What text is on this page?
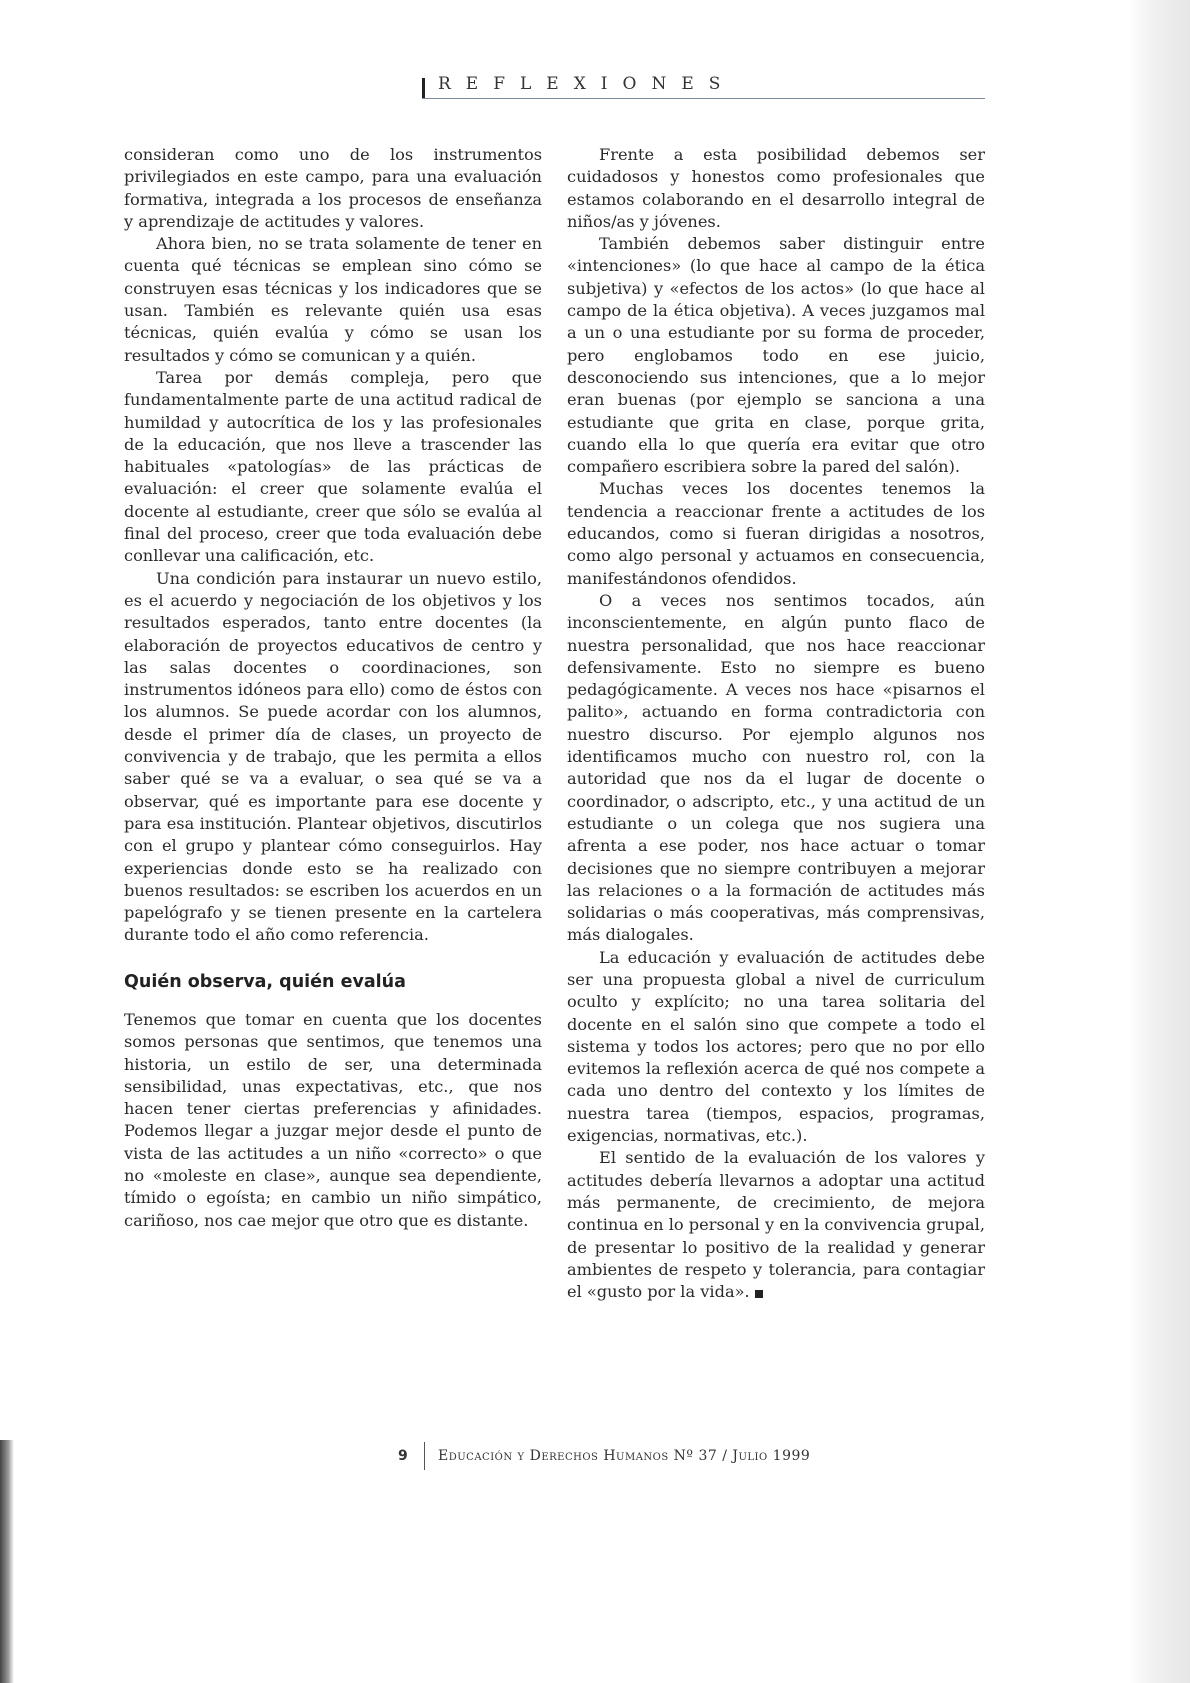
REFLEXIONES

consideran como uno de los instrumentos privilegiados en este campo, para una evaluación formativa, integrada a los procesos de enseñanza y aprendizaje de actitudes y valores.

Ahora bien, no se trata solamente de tener en cuenta qué técnicas se emplean sino cómo se construyen esas técnicas y los indicadores que se usan. También es relevante quién usa esas técnicas, quién evalúa y cómo se usan los resultados y cómo se comunican y a quién.

Tarea por demás compleja, pero que fundamentalmente parte de una actitud radical de humildad y autocrítica de los y las profesionales de la educación, que nos lleve a trascender las habituales «patologías» de las prácticas de evaluación: el creer que solamente evalúa el docente al estudiante, creer que sólo se evalúa al final del proceso, creer que toda evaluación debe conllevar una calificación, etc.

Una condición para instaurar un nuevo estilo, es el acuerdo y negociación de los objetivos y los resultados esperados, tanto entre docentes (la elaboración de proyectos educativos de centro y las salas docentes o coordinaciones, son instrumentos idóneos para ello) como de éstos con los alumnos. Se puede acordar con los alumnos, desde el primer día de clases, un proyecto de convivencia y de trabajo, que les permita a ellos saber qué se va a evaluar, o sea qué se va a observar, qué es importante para ese docente y para esa institución. Plantear objetivos, discutirlos con el grupo y plantear cómo conseguirlos. Hay experiencias donde esto se ha realizado con buenos resultados: se escriben los acuerdos en un papelógrafo y se tienen presente en la cartelera durante todo el año como referencia.

Quién observa, quién evalúa

Tenemos que tomar en cuenta que los docentes somos personas que sentimos, que tenemos una historia, un estilo de ser, una determinada sensibilidad, unas expectativas, etc., que nos hacen tener ciertas preferencias y afinidades. Podemos llegar a juzgar mejor desde el punto de vista de las actitudes a un niño «correcto» o que no «moleste en clase», aunque sea dependiente, tímido o egoísta; en cambio un niño simpático, cariñoso, nos cae mejor que otro que es distante.

Frente a esta posibilidad debemos ser cuidadosos y honestos como profesionales que estamos colaborando en el desarrollo integral de niños/as y jóvenes.

También debemos saber distinguir entre «intenciones» (lo que hace al campo de la ética subjetiva) y «efectos de los actos» (lo que hace al campo de la ética objetiva). A veces juzgamos mal a un o una estudiante por su forma de proceder, pero englobamos todo en ese juicio, desconociendo sus intenciones, que a lo mejor eran buenas (por ejemplo se sanciona a una estudiante que grita en clase, porque grita, cuando ella lo que quería era evitar que otro compañero escribiera sobre la pared del salón).

Muchas veces los docentes tenemos la tendencia a reaccionar frente a actitudes de los educandos, como si fueran dirigidas a nosotros, como algo personal y actuamos en consecuencia, manifestándonos ofendidos.

O a veces nos sentimos tocados, aún inconscientemente, en algún punto flaco de nuestra personalidad, que nos hace reaccionar defensivamente. Esto no siempre es bueno pedagógicamente. A veces nos hace «pisarnos el palito», actuando en forma contradictoria con nuestro discurso. Por ejemplo algunos nos identificamos mucho con nuestro rol, con la autoridad que nos da el lugar de docente o coordinador, o adscripto, etc., y una actitud de un estudiante o un colega que nos sugiera una afrenta a ese poder, nos hace actuar o tomar decisiones que no siempre contribuyen a mejorar las relaciones o a la formación de actitudes más solidarias o más cooperativas, más comprensivas, más dialogales.

La educación y evaluación de actitudes debe ser una propuesta global a nivel de curriculum oculto y explícito; no una tarea solitaria del docente en el salón sino que compete a todo el sistema y todos los actores; pero que no por ello evitemos la reflexión acerca de qué nos compete a cada uno dentro del contexto y los límites de nuestra tarea (tiempos, espacios, programas, exigencias, normativas, etc.).

El sentido de la evaluación de los valores y actitudes debería llevarnos a adoptar una actitud más permanente, de crecimiento, de mejora continua en lo personal y en la convivencia grupal, de presentar lo positivo de la realidad y generar ambientes de respeto y tolerancia, para contagiar el «gusto por la vida».

9 Educación y Derechos Humanos Nº 37 / Julio 1999
